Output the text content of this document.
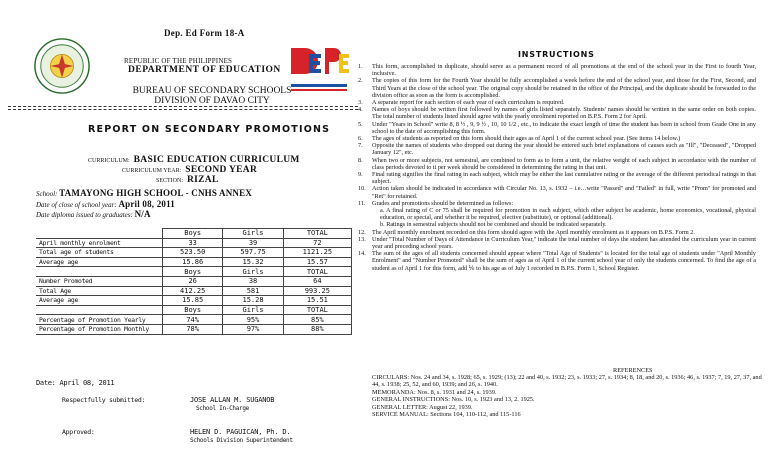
Dep. Ed Form 18-A
REPUBLIC OF THE PHILIPPINES
DEPARTMENT OF EDUCATION
BUREAU OF SECONDARY SCHOOLS
DIVISION OF DAVAO CITY
REPORT ON SECONDARY PROMOTIONS
CURRICULUM: BASIC EDUCATION CURRICULUM
CURRICULUM YEAR: SECOND YEAR
SECTION: RIZAL
School: TAMAYONG HIGH SCHOOL - CNHS ANNEX
Date of close of school year: April 08, 2011
Date diploma issued to graduates: N/A
	Boys	Girls	TOTAL
April monthly enrolment	33	39	72
Total age of students	523.50	597.75	1121.25
Average age	15.86	15.32	15.57
	Boys	Girls	TOTAL
Number Promoted	26	38	64
Total Age	412.25	581	993.25
Average age	15.85	15.28	15.51
	Boys	Girls	TOTAL
Percentage of Promotion Yearly	74%	95%	85%
Percentage of Promotion Monthly	78%	97%	88%
Date: April 08, 2011
Respectfully submitted:	JOSE ALLAN M. SUGANOB
School In-Charge
Approved:	HELEN D. PAGUICAN, Ph. D.
Schools Division Superintendent
INSTRUCTIONS
1. This form, accomplished in duplicate, should serve as a permanent record of all promotions at the end of the school year in the First to fourth Year, inclusive.
2. The copies of this form for the Fourth Year should be fully accomplished a week before the end of the school year, and those for the First, Second, and Third Years at the close of the school year. The original copy should be retained in the office of the Principal, and the duplicate should be forwarded to the division office as soon as the form is accomplished.
3. A separate report for each section of each year of each curriculum is required.
4. Names of boys should be written first followed by names of girls listed separately. Students' names should be written in the same order on both copies. The total number of students listed should agree with the yearly enrolment reported on B.P.S. Form 2 for April.
5. Under "Years in School" write 8, 8 ½ , 9, 9 ½ , 10, 10 1/2 , etc., to indicate the exact length of time the student has been in school from Grade One in any school to the date of accomplishing this form.
6. The ages of students as reported on this form should their ages as of April 1 of the current school year. (See items 14 below.)
7. Opposite the names of students who dropped out during the year should be entered such brief explanations of causes such as "Ill", "Deceased", "Dropped January 12", etc.
8. When two or more subjects, not semestral, are combined to form as to form a unit, the relative weight of each subject in accordance with the number of class periods devoted to it per week should be considered in determining the rating in that unit.
9. Final rating signifies the final rating in each subject, which may be either the last cumulative rating or the average of the different periodical ratings in that subject.
10. Action taken should be indicated in accordance with Circular No. 13, s. 1932 – i.e…write "Passed" and "Failed" in full, write "Prom" for promoted and "Ret" for retained.
11. Grades and promotions should be determined as follows:
a. A final rating of C or 75 shall be required for promotion in each subject, which other subject be academic, home economics, vocational, physical education, or special, and whether it be required, elective (substitute), or optional (additional).
b. Ratings in semestral subjects should not be combined and should be indicated separately.
12. The April monthly enrolment recorded on this form should agree with the April monthly enrolment as it appears on B.P.S. Form 2.
13. Under "Total Number of Days of Attendance in Curriculum Year," indicate the total number of days the student has attended the curriculum year in current year and preceding school years.
14. The sum of the ages of all students concerned should appear where "Total Age of Students" is located for the total age of students under "April Monthly Enrolment" and "Number Promoted" shall be the sum of ages as of April 1 of the current school year of only the students concerned. To find the age of a student as of April 1 for this form, add ⅙ to his age as of July 1 recorded in B.P.S. Form 1, School Register.
REFERENCES
CIRCULARS: Nos. 24 and 34, s. 1928; 65, s. 1929; (13); 22 and 40, s. 1932; 23, s. 1933; 27, s. 1934; 8, 18, and 20, s. 1936; 46, s. 1937; 7, 19, 27, 37, and 44, s. 1938; 25, 52, and 60, 1939; and 26, s. 1940.
MEMORANDA: Nos. 8, s. 1931 and 24, s. 1939.
GENERAL INSTRUCTIONS: Nos. 10, s. 1923 and 13, 2. 1925.
GENERAL LETTER: August 22, 1939.
SERVICE MANUAL: Sections 104, 110-112, and 115-116
